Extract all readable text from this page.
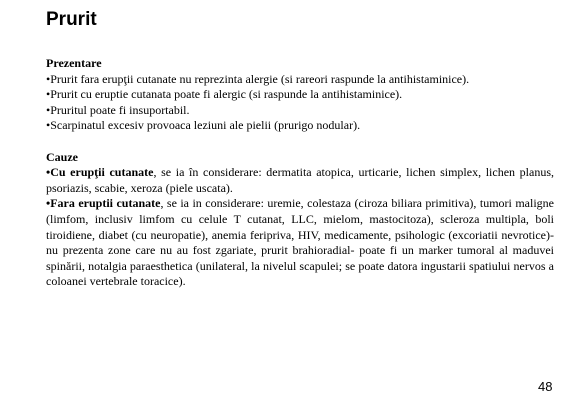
Prurit

Prezentare

•Prurit fara erupţii cutanate nu reprezinta alergie (si rareori raspunde la antihistaminice).

•Prurit cu eruptie cutanata poate fi alergic (si raspunde la antihistaminice).

•Pruritul poate fi insuportabil.

•Scarpinatul excesiv provoaca leziuni ale pielii (prurigo nodular).

Cauze

•Cu erupţii cutanate, se ia în considerare: dermatita atopica, urticarie, lichen simplex, lichen planus, psoriazis, scabie, xeroza (piele uscata).

•Fara eruptii cutanate, se ia in considerare: uremie, colestaza (ciroza biliara primitiva), tumori maligne (limfom, inclusiv limfom cu celule T cutanat, LLC, mielom, mastocitoza), scleroza multipla, boli tiroidiene, diabet (cu neuropatie), anemia feriprivа, HIV, medicamente, psihologic (excoriatii nevrotice)-nu prezenta zone care nu au fost zgariate, prurit brahioradial- poate fi un marker tumoral al maduvei spinării, notalgia paraesthetica (unilateral, la nivelul scapulei; se poate datora ingustarii spatiului nervos a coloanei vertebrale toracice).

48
